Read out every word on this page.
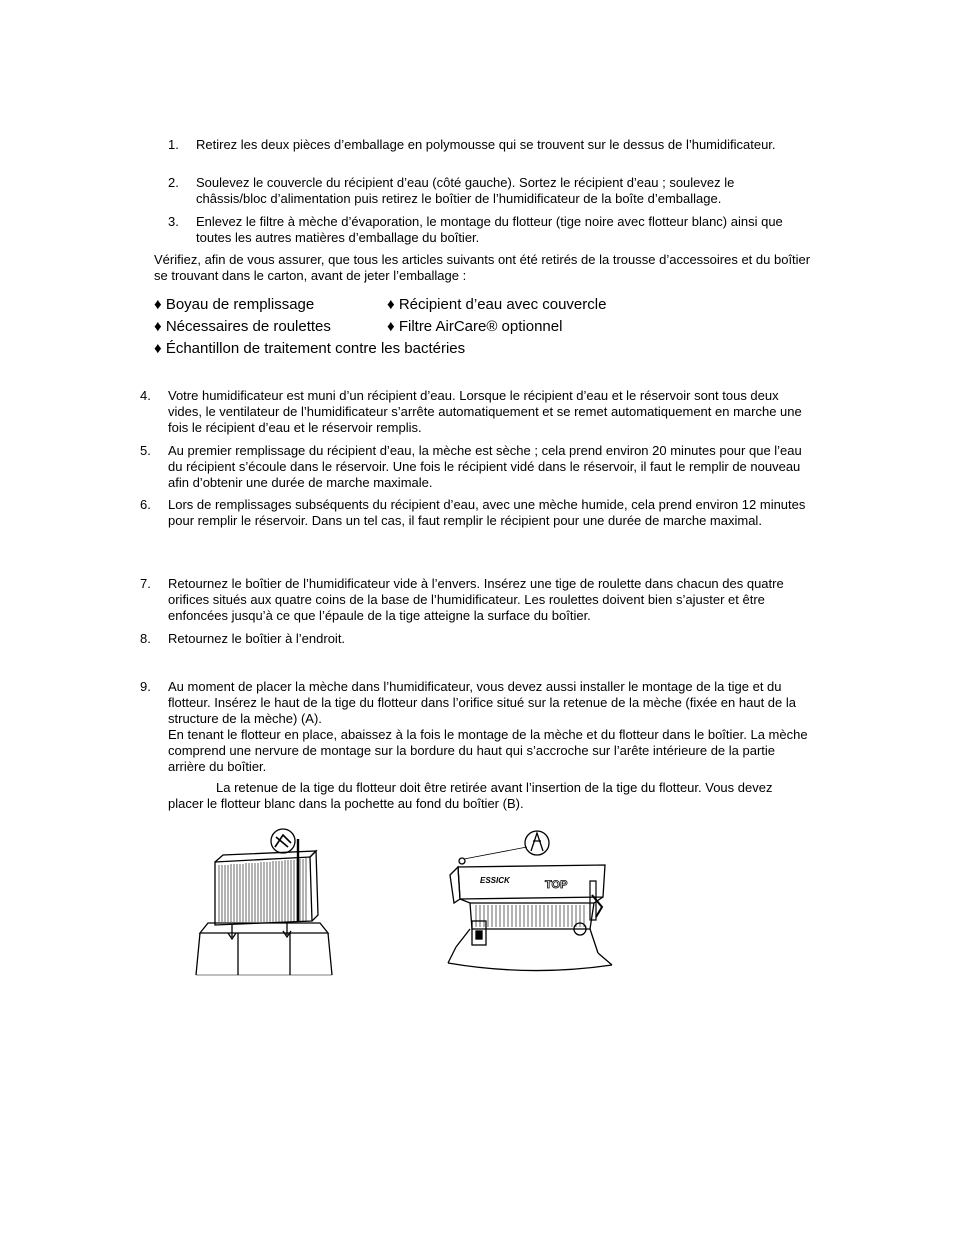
1. Retirez les deux pièces d’emballage en polymousse qui se trouvent sur le dessus de l’humidificateur.
2. Soulevez le couvercle du récipient d’eau (côté gauche). Sortez le récipient d’eau ; soulevez le châssis/bloc d’alimentation puis retirez le boîtier de l’humidificateur de la boîte d’emballage.
3. Enlevez le filtre à mèche d’évaporation, le montage du flotteur (tige noire avec flotteur blanc) ainsi que toutes les autres matières d’emballage du boîtier.
Vérifiez, afin de vous assurer, que tous les articles suivants ont été retirés de la trousse d’accessoires et du boîtier se trouvant dans le carton, avant de jeter l’emballage :
♦ Boyau de remplissage	♦ Récipient d’eau avec couvercle
♦ Nécessaires de roulettes	♦ Filtre AirCare® optionnel
♦ Échantillon de traitement contre les bactéries
4. Votre humidificateur est muni d’un récipient d’eau. Lorsque le récipient d’eau et le réservoir sont tous deux vides, le ventilateur de l’humidificateur s’arrête automatiquement et se remet automatiquement en marche une fois le récipient d’eau et le réservoir remplis.
5. Au premier remplissage du récipient d’eau, la mèche est sèche ; cela prend environ 20 minutes pour que l’eau du récipient s’écoule dans le réservoir. Une fois le récipient vidé dans le réservoir, il faut le remplir de nouveau afin d’obtenir une durée de marche maximale.
6. Lors de remplissages subséquents du récipient d’eau, avec une mèche humide, cela prend environ 12 minutes pour remplir le réservoir. Dans un tel cas, il faut remplir le récipient pour une durée de marche maximal.
7. Retournez le boîtier de l’humidificateur vide à l’envers. Insérez une tige de roulette dans chacun des quatre orifices situés aux quatre coins de la base de l’humidificateur. Les roulettes doivent bien s’ajuster et être enfoncées jusqu’à ce que l’épaule de la tige atteigne la surface du boîtier.
8. Retournez le boîtier à l’endroit.
9. Au moment de placer la mèche dans l’humidificateur, vous devez aussi installer le montage de la tige et du flotteur. Insérez le haut de la tige du flotteur dans l’orifice situé sur la retenue de la mèche (fixée en haut de la structure de la mèche) (A).
En tenant le flotteur en place, abaissez à la fois le montage de la mèche et du flotteur dans le boîtier. La mèche comprend une nervure de montage sur la bordure du haut qui s’accroche sur l’arête intérieure de la partie arrière du boîtier.
La retenue de la tige du flotteur doit être retirée avant l’insertion de la tige du flotteur. Vous devez placer le flotteur blanc dans la pochette au fond du boîtier (B).
ESSICK	TOP
